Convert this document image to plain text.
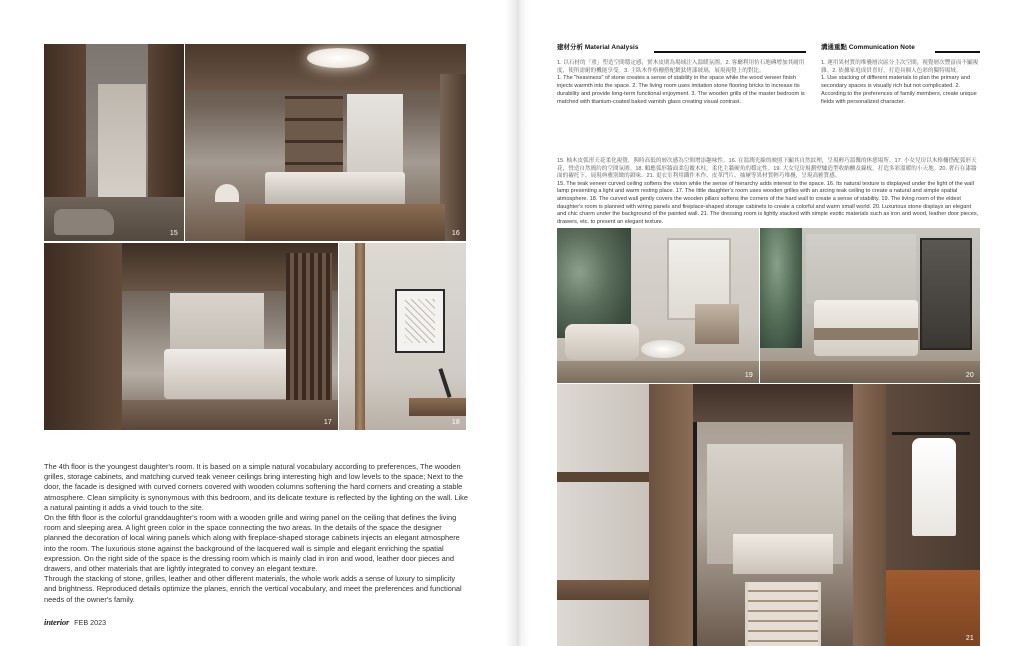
15	16
17	18

The 4th floor is the youngest daughter's room. It is based on a simple natural vocabulary according to preferences, The wooden grilles, storage cabinets, and matching curved teak veneer ceilings bring interesting high and low levels to the space; Next to the door, the facade is designed with curved corners covered with wooden columns softening the hard corners and creating a stable atmosphere. Clean simplicity is synonymous with this bedroom, and its delicate texture is reflected by the lighting on the wall. Like a natural painting it adds a vivid touch to the site.

On the fifth floor is the colorful granddaughter's room with a wooden grille and wiring panel on the ceiling that defines the living room and sleeping area. A light green color in the space connecting the two areas. In the details of the space the designer planned the decoration of local wiring panels which along with fireplace-shaped storage cabinets injects an elegant atmosphere into the room. The luxurious stone against the background of the lacquered wall is simple and elegant enriching the spatial expression. On the right side of the space is the dressing room which is mainly clad in iron and wood, leather door pieces and drawers, and other materials that are lightly integrated to convey an elegant texture.

Through the stacking of stone, grilles, leather and other different materials, the whole work adds a sense of luxury to simplicity and brightness. Reproduced details optimize the planes, enrich the vertical vocabulary, and meet the preferences and functional needs of the owner's family.

interior FEB 2023
建材分析 Material Analysis

1. 以石材的「重」塑造空間穩定感，實木皮則為場域注入溫暖氛圍。2. 客廳利用仿石地磚增加其耐用度，使所需耐的機能享受。3. 主臥木作格栅搭配鍍鈦烤漆玻璃，展現視覺上的對比。

1. The "heaviness" of stone creates a sense of stability in the space while the wood veneer finish injects warmth into the space. 2. The living room uses imitation stone flooring bricks to increase its durability and provide long-term functional enjoyment. 3. The wooden grills of the master bedroom is matched with titanium-coated baked varnish glass creating visual contrast.

溝通重點 Communication Note

1. 運用異材質的堆疊層次區分主次空間，視覺層次豐富而不顯複雜。2. 依據家庭成員喜好，打造具個人色彩的獨特場域。

1. Use stacking of different materials to plan the primary and secondary spaces is visually rich but not complicated. 2. According to the preferences of family members, create unique fields with personalized character.

15. 柚木皮弧形天花柔化視覺，與時高低的層次感為空間增添趣味性。16. 在溫潤光線的映照下顯其自然紋理，呈現輕巧溫馨的休憩場所。17. 小女兒房以木格柵搭配弧形天花，營造自然簡約的空間氛圍。18. 順應弧形牆面柔包覆木柱，柔化主牆硬角的穩定性。19. 大女兒房規劃壁爐造型收納櫃及線板，打造多彩溫暖的小天地。20. 奢石在漆牆面的襯托下，展現典雅別緻的韻味。21. 更衣室利用鐵件木作、皮革門片、抽屜等異材質輕巧堆疊，呈現高雅質感。

15. The teak veneer curved ceiling softens the vision while the sense of hierarchy adds interest to the space. 16. Its natural texture is displayed under the light of the wall lamp presenting a light and warm resting place. 17. The little daughter's room uses wooden grilles with an arcing teak ceiling to create a natural and simple spatial atmosphere. 18. The curved wall gently covers the wooden pillars softens the corners of the hard wall to create a sense of stability. 19. The living room of the eldest daughter's room is planned with wiring panels and fireplace-shaped storage cabinets to create a colorful and warm small world. 20. Luxurious stone displays an elegant and chic charm under the background of the painted wall. 21. The dressing room is lightly stacked with simple exotic materials such as iron and wood, leather door pieces, drawers, etc. to present an elegant texture.

19	20
21
